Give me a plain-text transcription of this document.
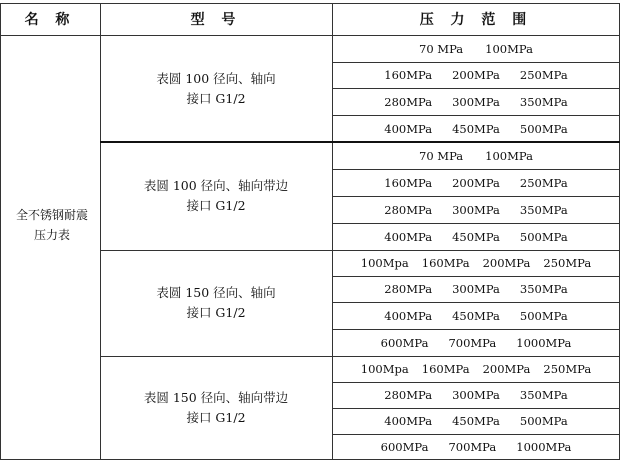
名 称	型 号	压 力 范 围
全不锈钢耐震
压力表
表圆 100 径向、轴向
接口 G1/2
表圆 100 径向、轴向带边
接口 G1/2
表圆 150 径向、轴向
接口 G1/2
表圆 150 径向、轴向带边
接口 G1/2
70 MPa 100MPa
160MPa 200MPa 250MPa
280MPa 300MPa 350MPa
400MPa 450MPa 500MPa
70 MPa 100MPa
160MPa 200MPa 250MPa
280MPa 300MPa 350MPa
400MPa 450MPa 500MPa
100Mpa 160MPa 200MPa 250MPa
280MPa 300MPa 350MPa
400MPa 450MPa 500MPa
600MPa 700MPa 1000MPa
100Mpa 160MPa 200MPa 250MPa
280MPa 300MPa 350MPa
400MPa 450MPa 500MPa
600MPa 700MPa 1000MPa
